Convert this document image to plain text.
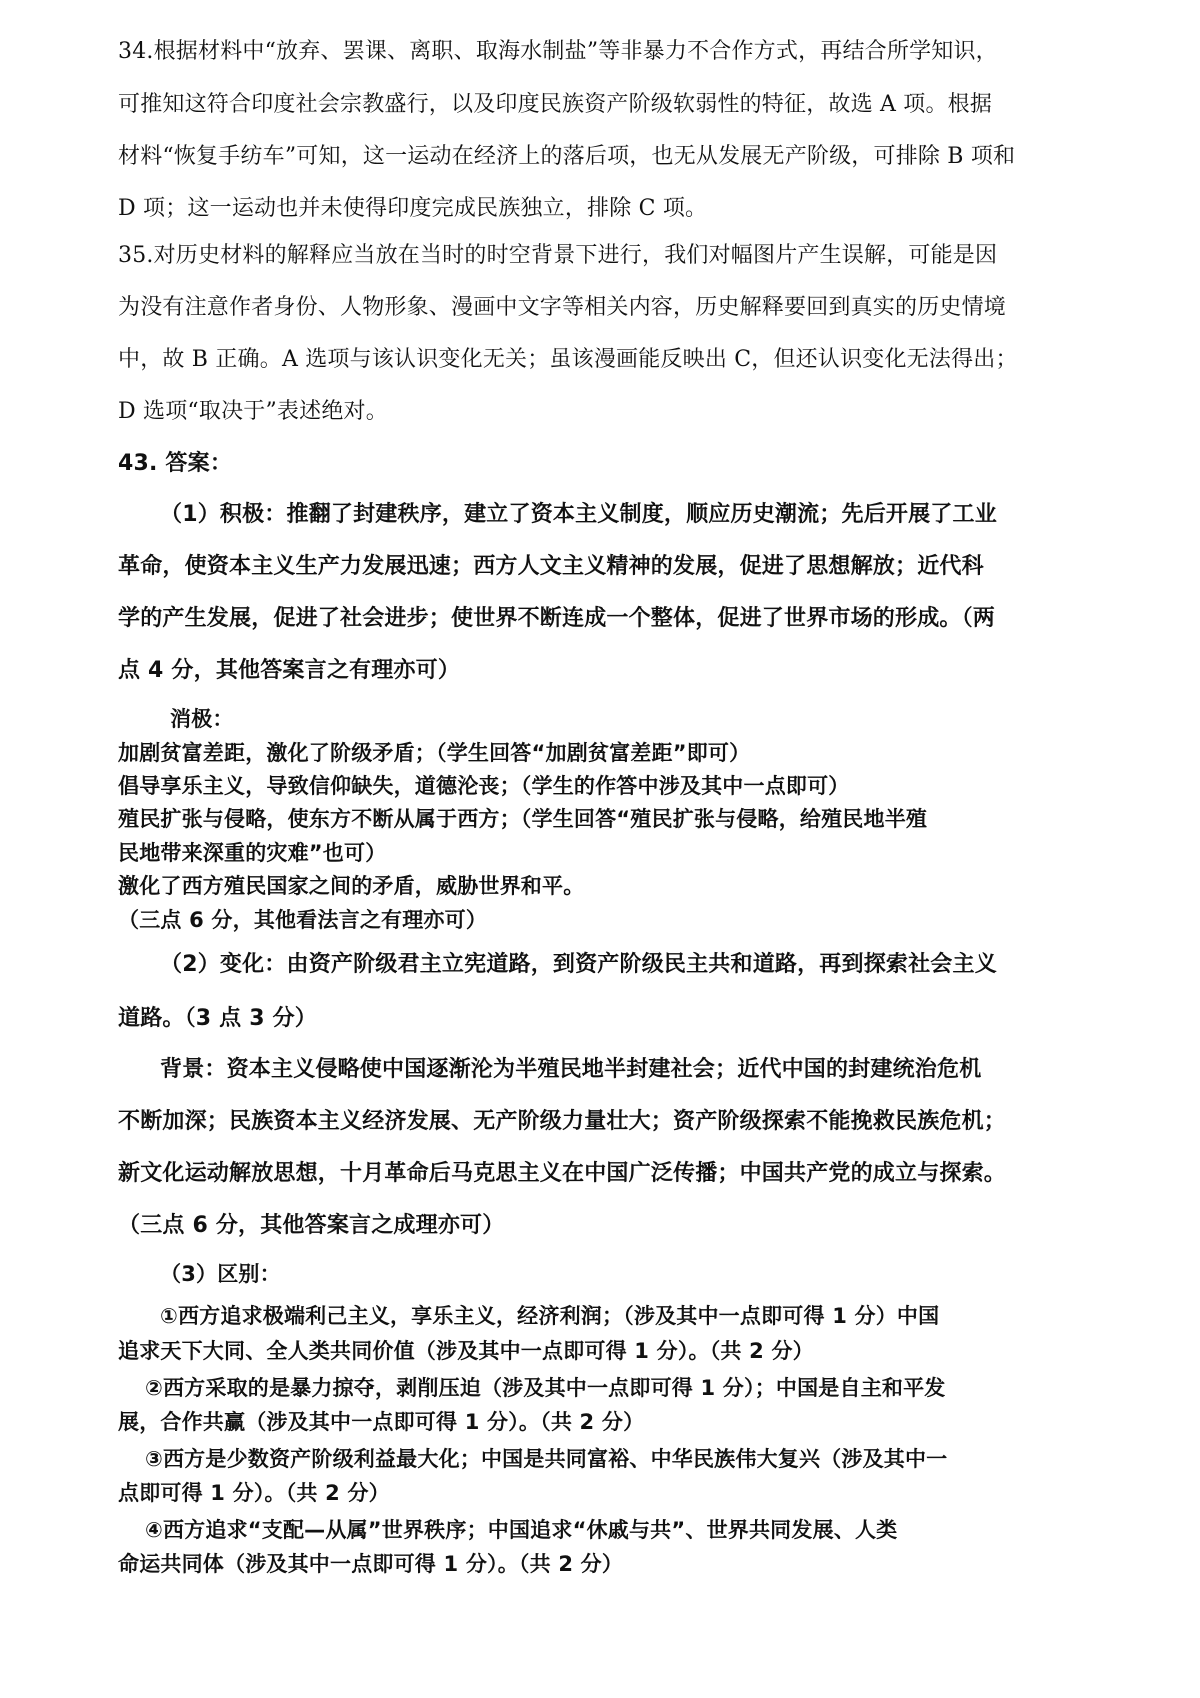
34.根据材料中“放弃、罢课、离职、取海水制盐”等非暴力不合作方式，再结合所学知识，
可推知这符合印度社会宗教盛行，以及印度民族资产阶级软弱性的特征，故选 A 项。根据
材料“恢复手纺车”可知，这一运动在经济上的落后项，也无从发展无产阶级，可排除 B 项和
D 项；这一运动也并未使得印度完成民族独立，排除 C 项。
35.对历史材料的解释应当放在当时的时空背景下进行，我们对幅图片产生误解，可能是因
为没有注意作者身份、人物形象、漫画中文字等相关内容，历史解释要回到真实的历史情境
中，故 B 正确。A 选项与该认识变化无关；虽该漫画能反映出 C，但还认识变化无法得出；
D 选项“取决于”表述绝对。
43. 答案：
（1）积极：推翻了封建秩序，建立了资本主义制度，顺应历史潮流；先后开展了工业
革命，使资本主义生产力发展迅速；西方人文主义精神的发展，促进了思想解放；近代科
学的产生发展，促进了社会进步；使世界不断连成一个整体，促进了世界市场的形成。（两
点 4 分，其他答案言之有理亦可）
消极：
加剧贫富差距，激化了阶级矛盾；（学生回答“加剧贫富差距”即可）
倡导享乐主义，导致信仰缺失，道德沦丧；（学生的作答中涉及其中一点即可）
殖民扩张与侵略，使东方不断从属于西方；（学生回答“殖民扩张与侵略，给殖民地半殖
民地带来深重的灾难”也可）
激化了西方殖民国家之间的矛盾，威胁世界和平。
（三点 6 分，其他看法言之有理亦可）
（2）变化：由资产阶级君主立宪道路，到资产阶级民主共和道路，再到探索社会主义
道路。（3 点 3 分）
背景：资本主义侵略使中国逐渐沦为半殖民地半封建社会；近代中国的封建统治危机
不断加深；民族资本主义经济发展、无产阶级力量壮大；资产阶级探索不能挽救民族危机；
新文化运动解放思想，十月革命后马克思主义在中国广泛传播；中国共产党的成立与探索。
（三点 6 分，其他答案言之成理亦可）
（3）区别：
①西方追求极端利己主义，享乐主义，经济利润；（涉及其中一点即可得 1 分）中国
追求天下大同、全人类共同价值（涉及其中一点即可得 1 分）。（共 2 分）
②西方采取的是暴力掠夺，剥削压迫（涉及其中一点即可得 1 分）；中国是自主和平发
展，合作共赢（涉及其中一点即可得 1 分）。（共 2 分）
③西方是少数资产阶级利益最大化；中国是共同富裕、中华民族伟大复兴（涉及其中一
点即可得 1 分）。（共 2 分）
④西方追求“支配—从属”世界秩序；中国追求“休戚与共”、世界共同发展、人类
命运共同体（涉及其中一点即可得 1 分）。（共 2 分）
